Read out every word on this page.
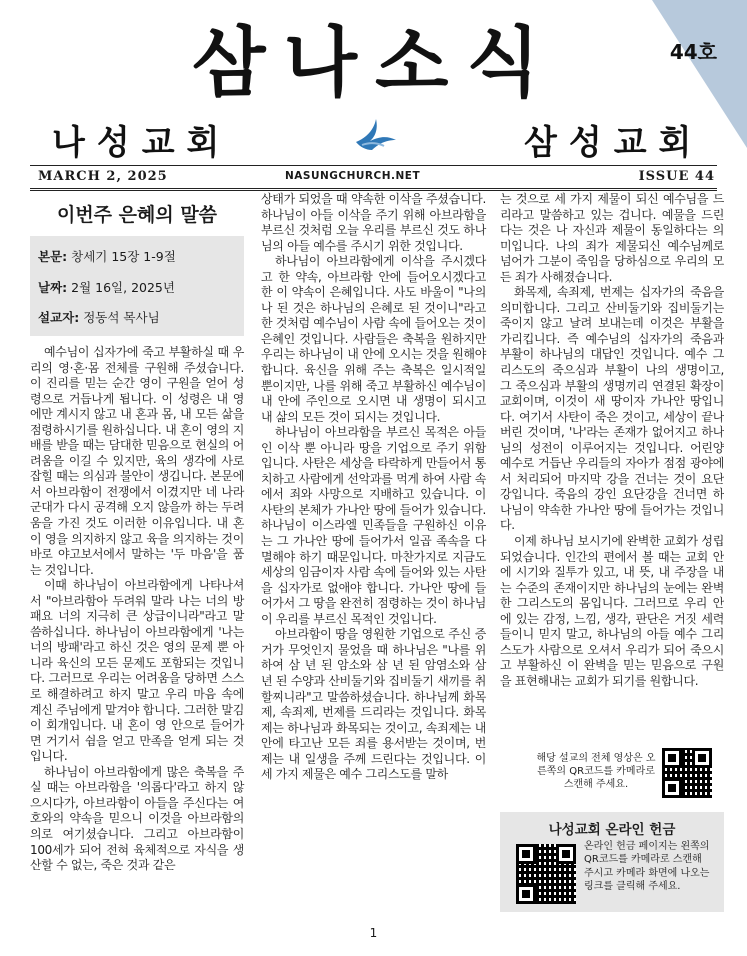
삼나소식	44호
나성교회	삼성교회
MARCH 2, 2025	NASUNGCHURCH.NET	ISSUE 44
이번주 은혜의 말씀
본문: 창세기 15장 1-9절
날짜: 2월 16일, 2025년
설교자: 정동석 목사님

예수님이 십자가에 죽고 부활하실 때 우리의 영·혼·몸 전체를 구원해 주셨습니다. 이 진리를 믿는 순간 영이 구원을 얻어 성령으로 거듭나게 됩니다. 이 성령은 내 영에만 계시지 않고 내 혼과 몸, 내 모든 삶을 점령하시기를 원하십니다. 내 혼이 영의 지배를 받을 때는 담대한 믿음으로 현실의 어려움을 이길 수 있지만, 육의 생각에 사로잡힐 때는 의심과 불안이 생깁니다. 본문에서 아브라함이 전쟁에서 이겼지만 네 나라 군대가 다시 공격해 오지 않을까 하는 두려움을 가진 것도 이러한 이유입니다. 내 혼이 영을 의지하지 않고 육을 의지하는 것이 바로 야고보서에서 말하는 '두 마음'을 품는 것입니다.

이때 하나님이 아브라함에게 나타나셔서 "아브라함아 두려워 말라 나는 너의 방패요 너의 지극히 큰 상급이니라"라고 말씀하십니다. 하나님이 아브라함에게 '나는 너의 방패'라고 하신 것은 영의 문제 뿐 아니라 육신의 모든 문제도 포함되는 것입니다. 그러므로 우리는 어려움을 당하면 스스로 해결하려고 하지 말고 우리 마음 속에 계신 주님에게 맡겨야 합니다. 그러한 말김이 회개입니다. 내 혼이 영 안으로 들어가면 거기서 쉼을 얻고 만족을 얻게 되는 것입니다.

하나님이 아브라함에게 많은 축복을 주실 때는 아브라함을 '의롭다'라고 하지 않으시다가, 아브라함이 아들을 주신다는 여호와의 약속을 믿으니 이것을 아브라함의 의로 여기셨습니다. 그리고 아브라함이 100세가 되어 전혀 육체적으로 자식을 생산할 수 없는, 죽은 것과 같은

상태가 되었을 때 약속한 이삭을 주셨습니다. 하나님이 아들 이삭을 주기 위해 아브라함을 부르신 것처럼 오늘 우리를 부르신 것도 하나님의 아들 예수를 주시기 위한 것입니다.

하나님이 아브라함에게 이삭을 주시겠다고 한 약속, 아브라함 안에 들어오시겠다고 한 이 약속이 은혜입니다. 사도 바울이 "나의 나 된 것은 하나님의 은혜로 된 것이니"라고 한 것처럼 예수님이 사람 속에 들어오는 것이 은혜인 것입니다. 사람들은 축복을 원하지만 우리는 하나님이 내 안에 오시는 것을 원해야 합니다. 육신을 위해 주는 축복은 일시적일 뿐이지만, 나를 위해 죽고 부활하신 예수님이 내 안에 주인으로 오시면 내 생명이 되시고 내 삶의 모든 것이 되시는 것입니다.

하나님이 아브라함을 부르신 목적은 아들인 이삭 뿐 아니라 땅을 기업으로 주기 위함입니다. 사탄은 세상을 타락하게 만들어서 통치하고 사람에게 선악과를 먹게 하여 사람 속에서 죄와 사망으로 지배하고 있습니다. 이 사탄의 본체가 가나안 땅에 들어가 있습니다. 하나님이 이스라엘 민족들을 구원하신 이유는 그 가나안 땅에 들어가서 일곱 족속을 다 멸해야 하기 때문입니다. 마찬가지로 지금도 세상의 임금이자 사람 속에 들어와 있는 사탄을 십자가로 없애야 합니다. 가나안 땅에 들어가서 그 땅을 완전히 점령하는 것이 하나님이 우리를 부르신 목적인 것입니다.

아브라함이 땅을 영원한 기업으로 주신 증거가 무엇인지 물었을 때 하나님은 "나를 위하여 삼 년 된 암소와 삼 년 된 암염소와 삼 년 된 수양과 산비둘기와 집비둘기 새끼를 취할찌니라"고 말씀하셨습니다. 하나님께 화목제, 속죄제, 번제를 드리라는 것입니다. 화목제는 하나님과 화목되는 것이고, 속죄제는 내 안에 타고난 모든 죄를 용서받는 것이며, 번제는 내 일생을 주께 드린다는 것입니다. 이 세 가지 제물은 예수 그리스도를 말하

는 것으로 세 가지 제물이 되신 예수님을 드리라고 말씀하고 있는 겁니다. 예물을 드린다는 것은 나 자신과 제물이 동일하다는 의미입니다. 나의 죄가 제물되신 예수님께로 넘어가 그분이 죽임을 당하심으로 우리의 모든 죄가 사해졌습니다.

화목제, 속죄제, 번제는 십자가의 죽음을 의미합니다. 그리고 산비둘기와 집비둘기는 죽이지 않고 날려 보내는데 이것은 부활을 가리킵니다. 즉 예수님의 십자가의 죽음과 부활이 하나님의 대답인 것입니다. 예수 그리스도의 죽으심과 부활이 나의 생명이고, 그 죽으심과 부활의 생명끼리 연결된 확장이 교회이며, 이것이 새 땅이자 가나안 땅입니다. 여기서 사탄이 죽은 것이고, 세상이 끝나버린 것이며, '나'라는 존재가 없어지고 하나님의 성전이 이루어지는 것입니다. 어린양 예수로 거듭난 우리들의 자아가 점점 광야에서 처리되어 마지막 강을 건너는 것이 요단강입니다. 죽음의 강인 요단강을 건너면 하나님이 약속한 가나안 땅에 들어가는 것입니다.

이제 하나님 보시기에 완벽한 교회가 성립되었습니다. 인간의 편에서 볼 때는 교회 안에 시기와 질투가 있고, 내 뜻, 내 주장을 내는 수준의 존재이지만 하나님의 눈에는 완벽한 그리스도의 몸입니다. 그러므로 우리 안에 있는 감정, 느낌, 생각, 판단은 거짓 세력들이니 믿지 말고, 하나님의 아들 예수 그리스도가 사람으로 오셔서 우리가 되어 죽으시고 부활하신 이 완벽을 믿는 믿음으로 구원을 표현해내는 교회가 되기를 원합니다.

해당 설교의 전체 영상은 오른쪽의 QR코드를 카메라로 스캔해 주세요.
나성교회 온라인 헌금
온라인 헌금 페이지는 왼쪽의 QR코드를 카메라로 스캔해 주시고 카메라 화면에 나오는 링크를 클릭해 주세요.
1
